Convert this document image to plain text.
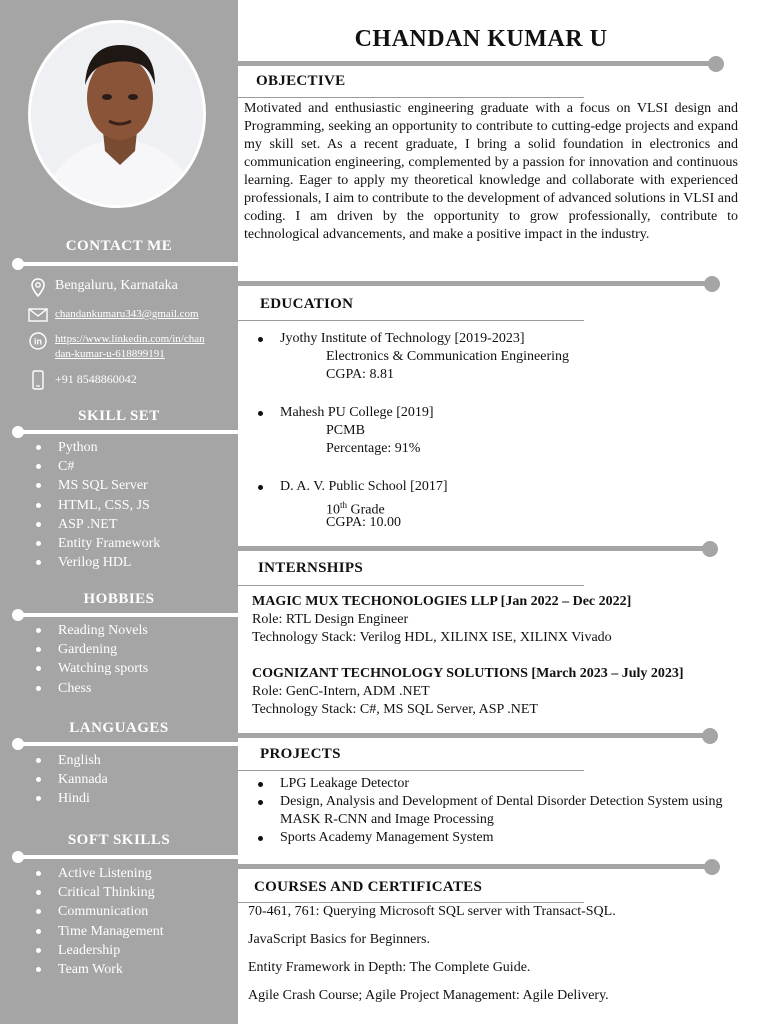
CONTACT ME
Bengaluru, Karnataka
chandankumaru343@gmail.com
in https://www.linkedin.com/in/chan
dan-kumar-u-618899191
+91 8548860042
SKILL SET
Python
C#
MS SQL Server
HTML, CSS, JS
ASP .NET
Entity Framework
Verilog HDL
HOBBIES
Reading Novels
Gardening
Watching sports
Chess
LANGUAGES
English
Kannada
Hindi
SOFT SKILLS
Active Listening
Critical Thinking
Communication
Time Management
Leadership
Team Work
CHANDAN KUMAR U
OBJECTIVE

Motivated and enthusiastic engineering graduate with a focus on VLSI design and Programming, seeking an opportunity to contribute to cutting-edge projects and expand my skill set. As a recent graduate, I bring a solid foundation in electronics and communication engineering, complemented by a passion for innovation and continuous learning. Eager to apply my theoretical knowledge and collaborate with experienced professionals, I aim to contribute to the development of advanced solutions in VLSI and coding. I am driven by the opportunity to grow professionally, contribute to technological advancements, and make a positive impact in the industry.

EDUCATION
Jyothy Institute of Technology [2019-2023]
Electronics & Communication Engineering
CGPA: 8.81
Mahesh PU College [2019]
PCMB
Percentage: 91%
D. A. V. Public School [2017]
10th Grade
CGPA: 10.00
INTERNSHIPS
MAGIC MUX TECHONOLOGIES LLP [Jan 2022 – Dec 2022]
Role: RTL Design Engineer
Technology Stack: Verilog HDL, XILINX ISE, XILINX Vivado
COGNIZANT TECHNOLOGY SOLUTIONS [March 2023 – July 2023]
Role: GenC-Intern, ADM .NET
Technology Stack: C#, MS SQL Server, ASP .NET
PROJECTS
LPG Leakage Detector
Design, Analysis and Development of Dental Disorder Detection System using MASK R-CNN and Image Processing
Sports Academy Management System
COURSES AND CERTIFICATES
70-461, 761: Querying Microsoft SQL server with Transact-SQL.
JavaScript Basics for Beginners.
Entity Framework in Depth: The Complete Guide.
Agile Crash Course; Agile Project Management: Agile Delivery.
